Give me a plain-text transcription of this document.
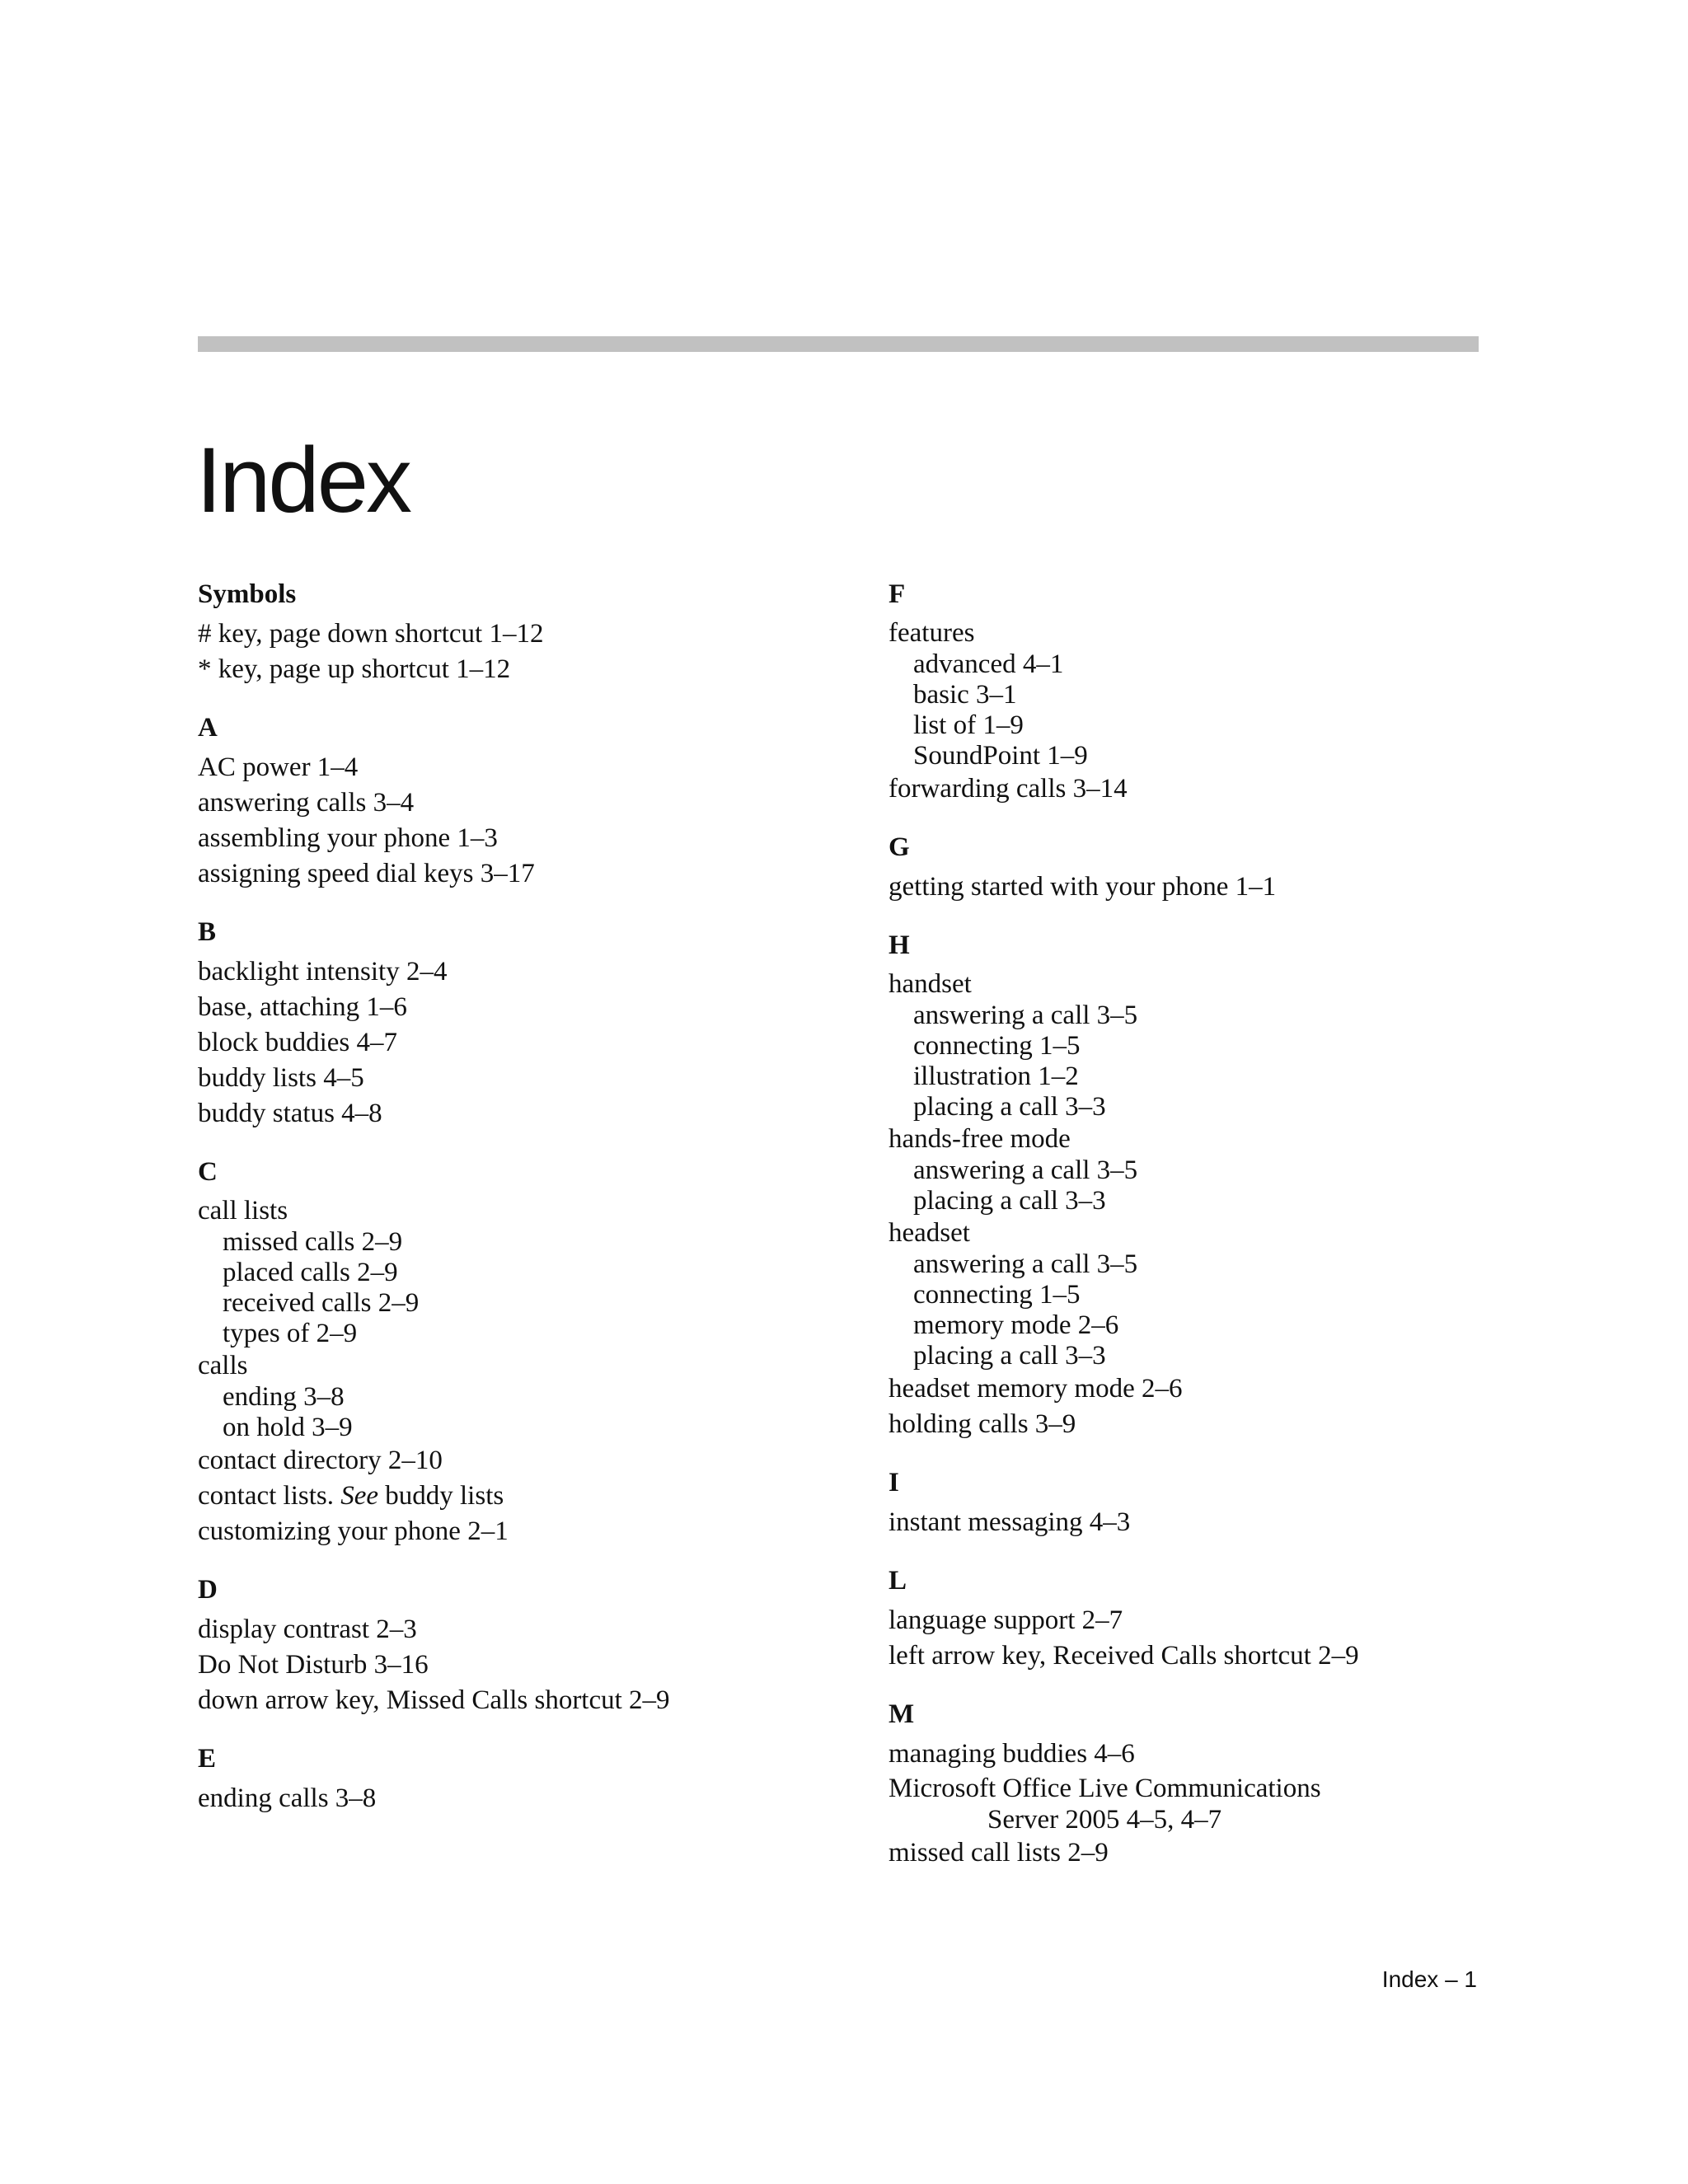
Index
Symbols
# key, page down shortcut 1–12
* key, page up shortcut 1–12
A
AC power 1–4
answering calls 3–4
assembling your phone 1–3
assigning speed dial keys 3–17
B
backlight intensity 2–4
base, attaching 1–6
block buddies 4–7
buddy lists 4–5
buddy status 4–8
C
call lists
missed calls 2–9
placed calls 2–9
received calls 2–9
types of 2–9
calls
ending 3–8
on hold 3–9
contact directory 2–10
contact lists. See buddy lists
customizing your phone 2–1
D
display contrast 2–3
Do Not Disturb 3–16
down arrow key, Missed Calls shortcut 2–9
E
ending calls 3–8
F
features
advanced 4–1
basic 3–1
list of 1–9
SoundPoint 1–9
forwarding calls 3–14
G
getting started with your phone 1–1
H
handset
answering a call 3–5
connecting 1–5
illustration 1–2
placing a call 3–3
hands-free mode
answering a call 3–5
placing a call 3–3
headset
answering a call 3–5
connecting 1–5
memory mode 2–6
placing a call 3–3
headset memory mode 2–6
holding calls 3–9
I
instant messaging 4–3
L
language support 2–7
left arrow key, Received Calls shortcut 2–9
M
managing buddies 4–6
Microsoft Office Live Communications
Server 2005 4–5, 4–7
missed call lists 2–9
Index – 1
